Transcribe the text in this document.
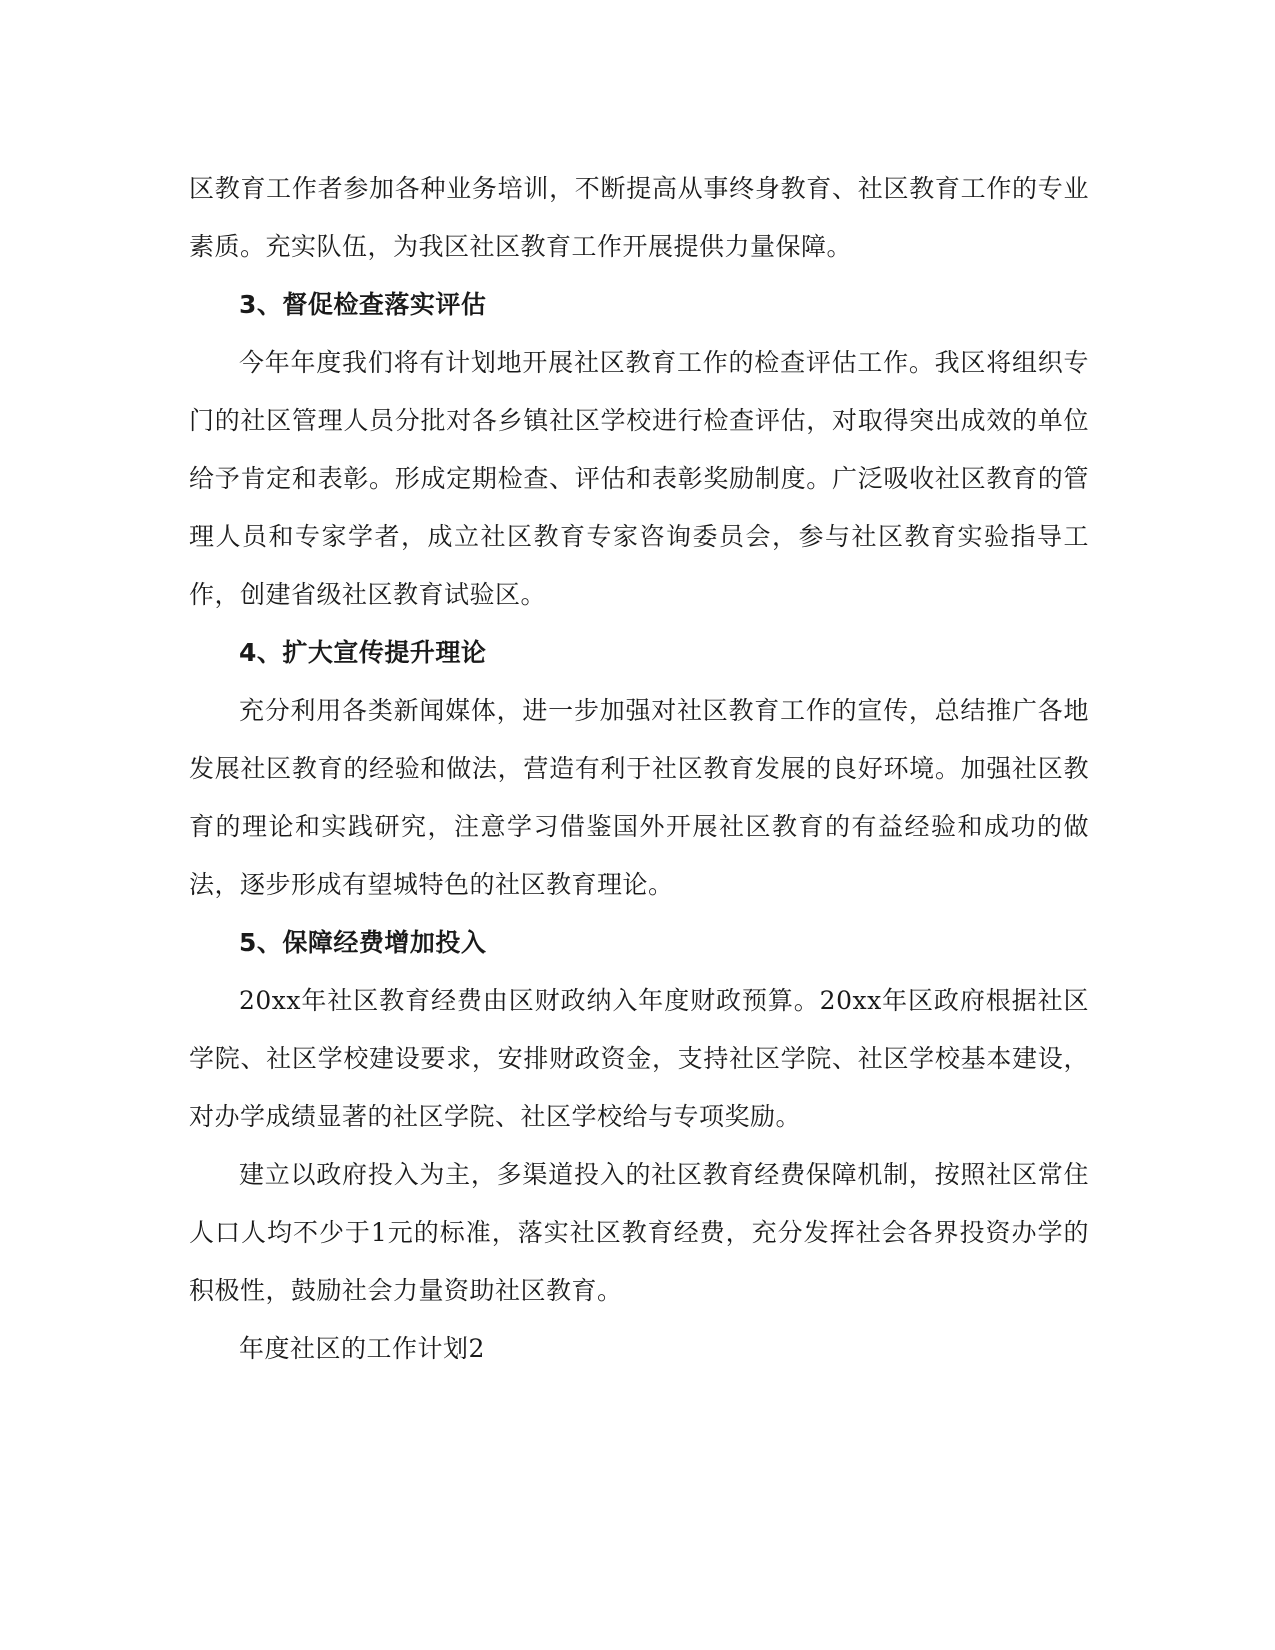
区教育工作者参加各种业务培训，不断提高从事终身教育、社区教育工作的专业素质。充实队伍，为我区社区教育工作开展提供力量保障。

3、督促检查落实评估

今年年度我们将有计划地开展社区教育工作的检查评估工作。我区将组织专门的社区管理人员分批对各乡镇社区学校进行检查评估，对取得突出成效的单位给予肯定和表彰。形成定期检查、评估和表彰奖励制度。广泛吸收社区教育的管理人员和专家学者，成立社区教育专家咨询委员会，参与社区教育实验指导工作，创建省级社区教育试验区。

4、扩大宣传提升理论

充分利用各类新闻媒体，进一步加强对社区教育工作的宣传，总结推广各地发展社区教育的经验和做法，营造有利于社区教育发展的良好环境。加强社区教育的理论和实践研究，注意学习借鉴国外开展社区教育的有益经验和成功的做法，逐步形成有望城特色的社区教育理论。

5、保障经费增加投入

20xx年社区教育经费由区财政纳入年度财政预算。20xx年区政府根据社区学院、社区学校建设要求，安排财政资金，支持社区学院、社区学校基本建设，对办学成绩显著的社区学院、社区学校给与专项奖励。

建立以政府投入为主，多渠道投入的社区教育经费保障机制，按照社区常住人口人均不少于1元的标准，落实社区教育经费，充分发挥社会各界投资办学的积极性，鼓励社会力量资助社区教育。

年度社区的工作计划2
